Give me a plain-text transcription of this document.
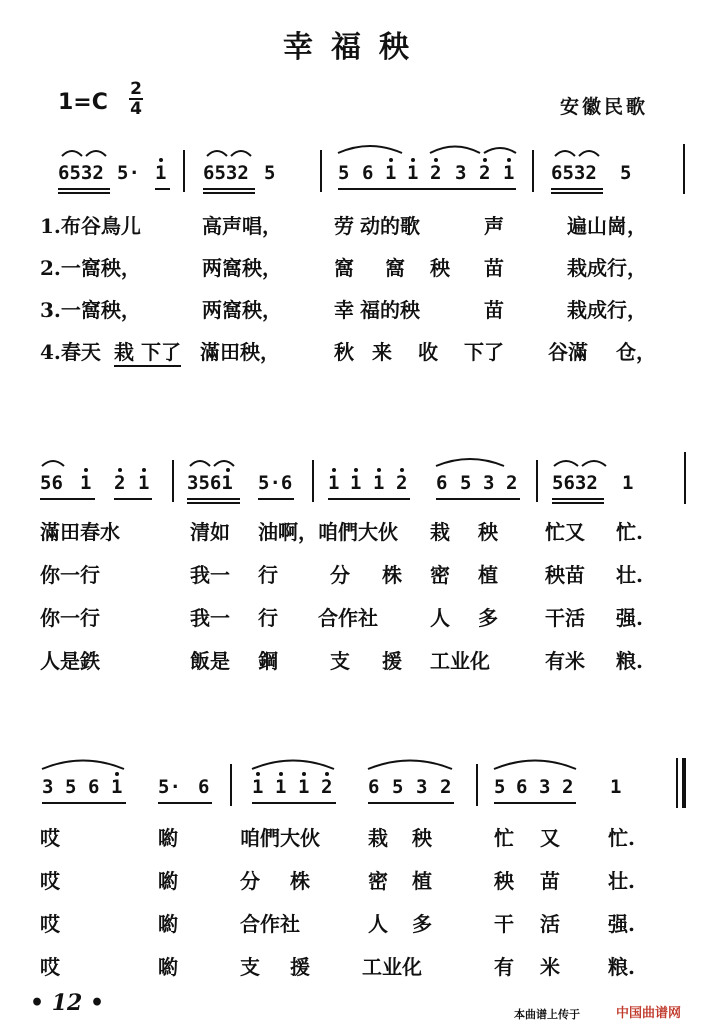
幸福秧
1=C
2
4	安徽民歌
6532 5· 1 6532 5	5 6 1 1 2 3 2 1 6532 5
1.布谷鳥儿	高声唱，	劳 动的歌	声	遍山崗，
2.一窩秧，	两窩秧，	窩 窩 秧 苗	栽成行，
3.一窩秧，	两窩秧，	幸 福的秧	苗	栽成行，
4.春天 栽 下了 滿田秧，	秋 来 收 下了 谷滿 仓，
56 1 2 1 3561 5·6 1 1 1 2 6 5 3 2 5632 1
滿田春水	清如 油啊， 咱們大伙 栽 秧 忙又 忙.
你一行	我一 行	分 株 密 植 秧苗 壮.
你一行	我一 行 合作社	人 多 干活 强.
人是鉄	飯是 鋼	支 援 工业化	有米 粮.
3 5 6 1 5· 6 1 1 1 2 6 5 3 2 5 6 3 2 1
哎	喲	咱們大伙 栽 秧	忙 又 忙.
哎	喲	分 株	密 植	秧 苗 壮.
哎	喲	合作社	人 多	干 活 强.
哎	喲	支 援	工业化	有 米 粮.
• 12 •	本曲谱上传于	中国曲谱网
